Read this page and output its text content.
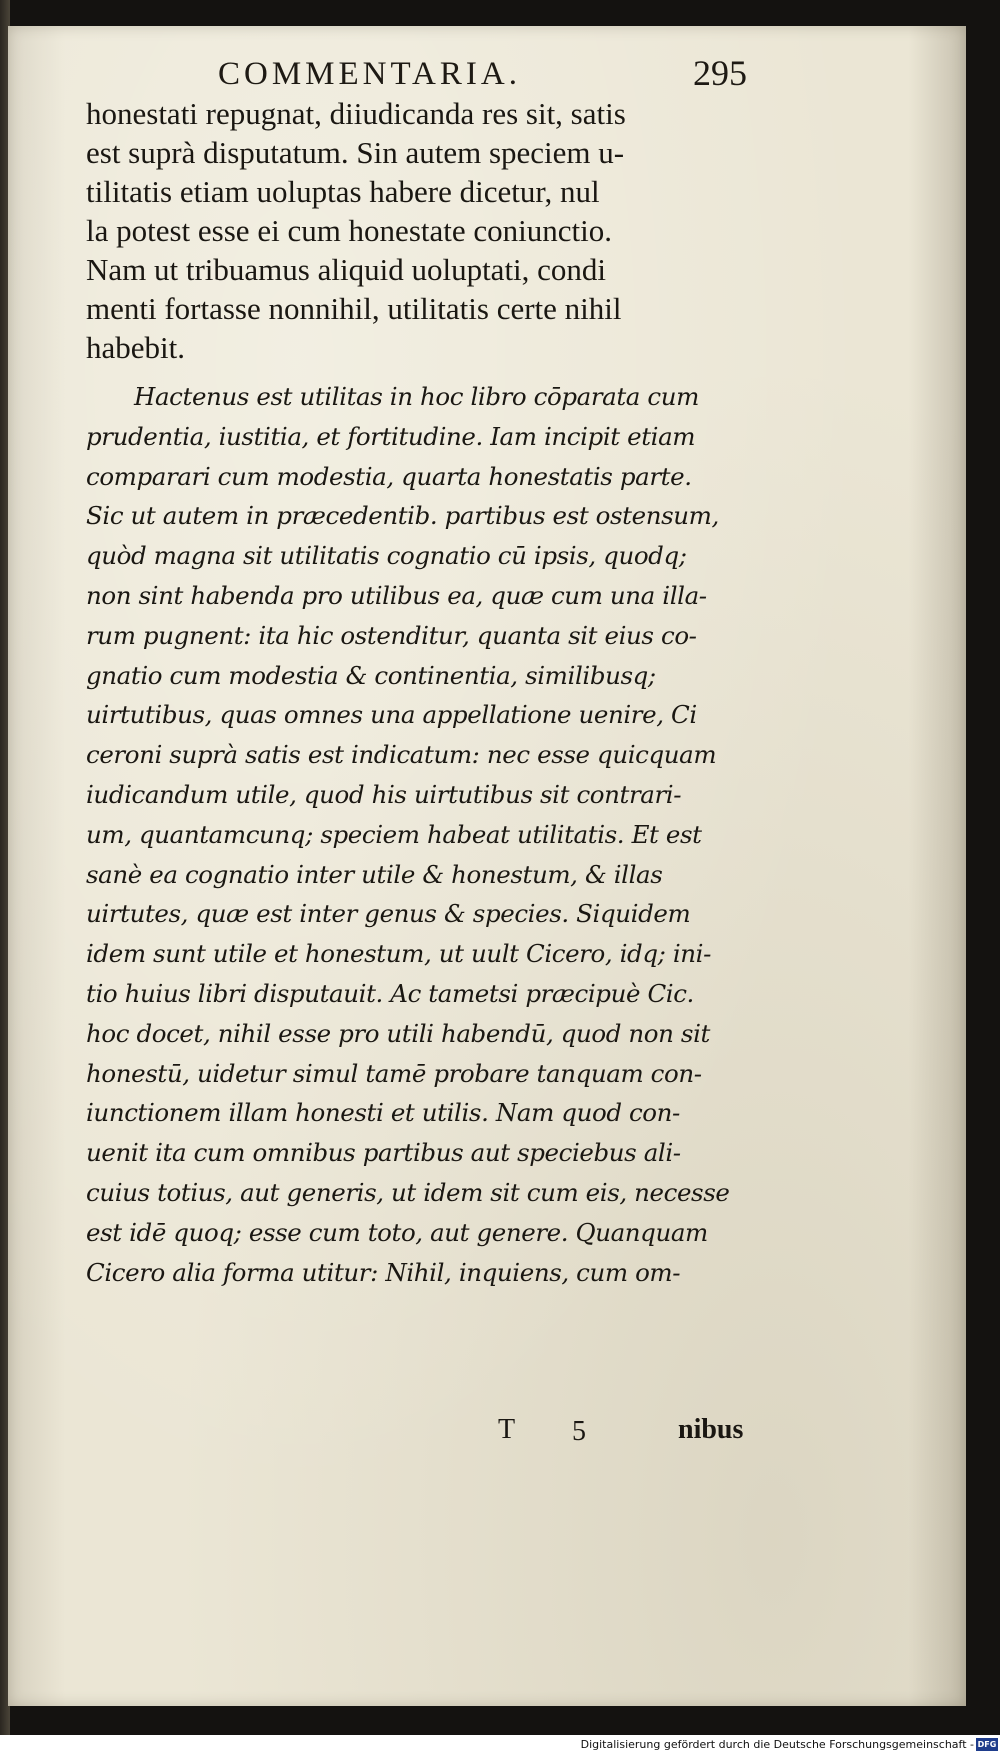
COMMENTARIA.	295
honestati repugnat, diiudicanda res sit, satis
est suprà disputatum. Sin autem speciem u-
tilitatis etiam uoluptas habere dicetur, nul
la potest esse ei cum honestate coniunctio.
Nam ut tribuamus aliquid uoluptati, condi
menti fortasse nonnihil, utilitatis certe nihil
habebit.
Hactenus est utilitas in hoc libro cōparata cum
prudentia, iustitia, et fortitudine. Iam incipit etiam
comparari cum modestia, quarta honestatis parte.
Sic ut autem in præcedentib. partibus est ostensum,
quòd magna sit utilitatis cognatio cū ipsis, quodq;
non sint habenda pro utilibus ea, quæ cum una illa-
rum pugnent: ita hic ostenditur, quanta sit eius co-
gnatio cum modestia & continentia, similibusq;
uirtutibus, quas omnes una appellatione uenire, Ci
ceroni suprà satis est indicatum: nec esse quicquam
iudicandum utile, quod his uirtutibus sit contrari-
um, quantamcunq; speciem habeat utilitatis. Et est
sanè ea cognatio inter utile & honestum, & illas
uirtutes, quæ est inter genus & species. Siquidem
idem sunt utile et honestum, ut uult Cicero, idq; ini-
tio huius libri disputauit. Ac tametsi præcipuè Cic.
hoc docet, nihil esse pro utili habendū, quod non sit
honestū, uidetur simul tamē probare tanquam con-
iunctionem illam honesti et utilis. Nam quod con-
uenit ita cum omnibus partibus aut speciebus ali-
cuius totius, aut generis, ut idem sit cum eis, necesse
est idē quoq; esse cum toto, aut genere. Quanquam
Cicero alia forma utitur: Nihil, inquiens, cum om-
T 5	nibus
Digitalisierung gefördert durch die Deutsche Forschungsgemeinschaft - DFG
